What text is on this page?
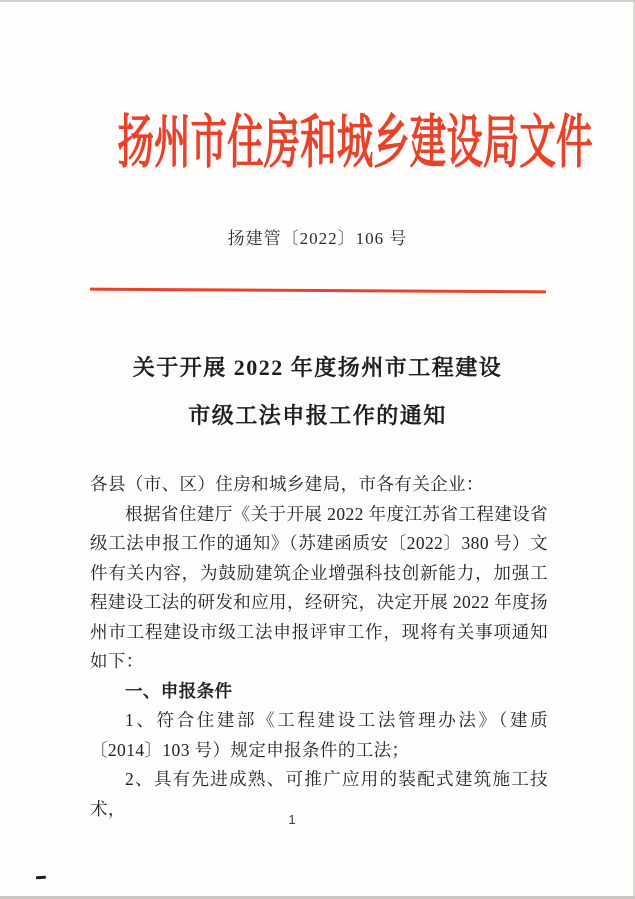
扬州市住房和城乡建设局文件
扬建管〔2022〕106 号
关于开展 2022 年度扬州市工程建设
市级工法申报工作的通知

各县（市、区）住房和城乡建局，市各有关企业：

根据省住建厅《关于开展 2022 年度江苏省工程建设省级工法申报工作的通知》（苏建函质安〔2022〕380 号）文件有关内容，为鼓励建筑企业增强科技创新能力，加强工程建设工法的研发和应用，经研究，决定开展 2022 年度扬州市工程建设市级工法申报评审工作，现将有关事项通知如下：

一、申报条件

1、符合住建部《工程建设工法管理办法》（建质〔2014〕103 号）规定申报条件的工法；

2、具有先进成熟、可推广应用的装配式建筑施工技术，

1
